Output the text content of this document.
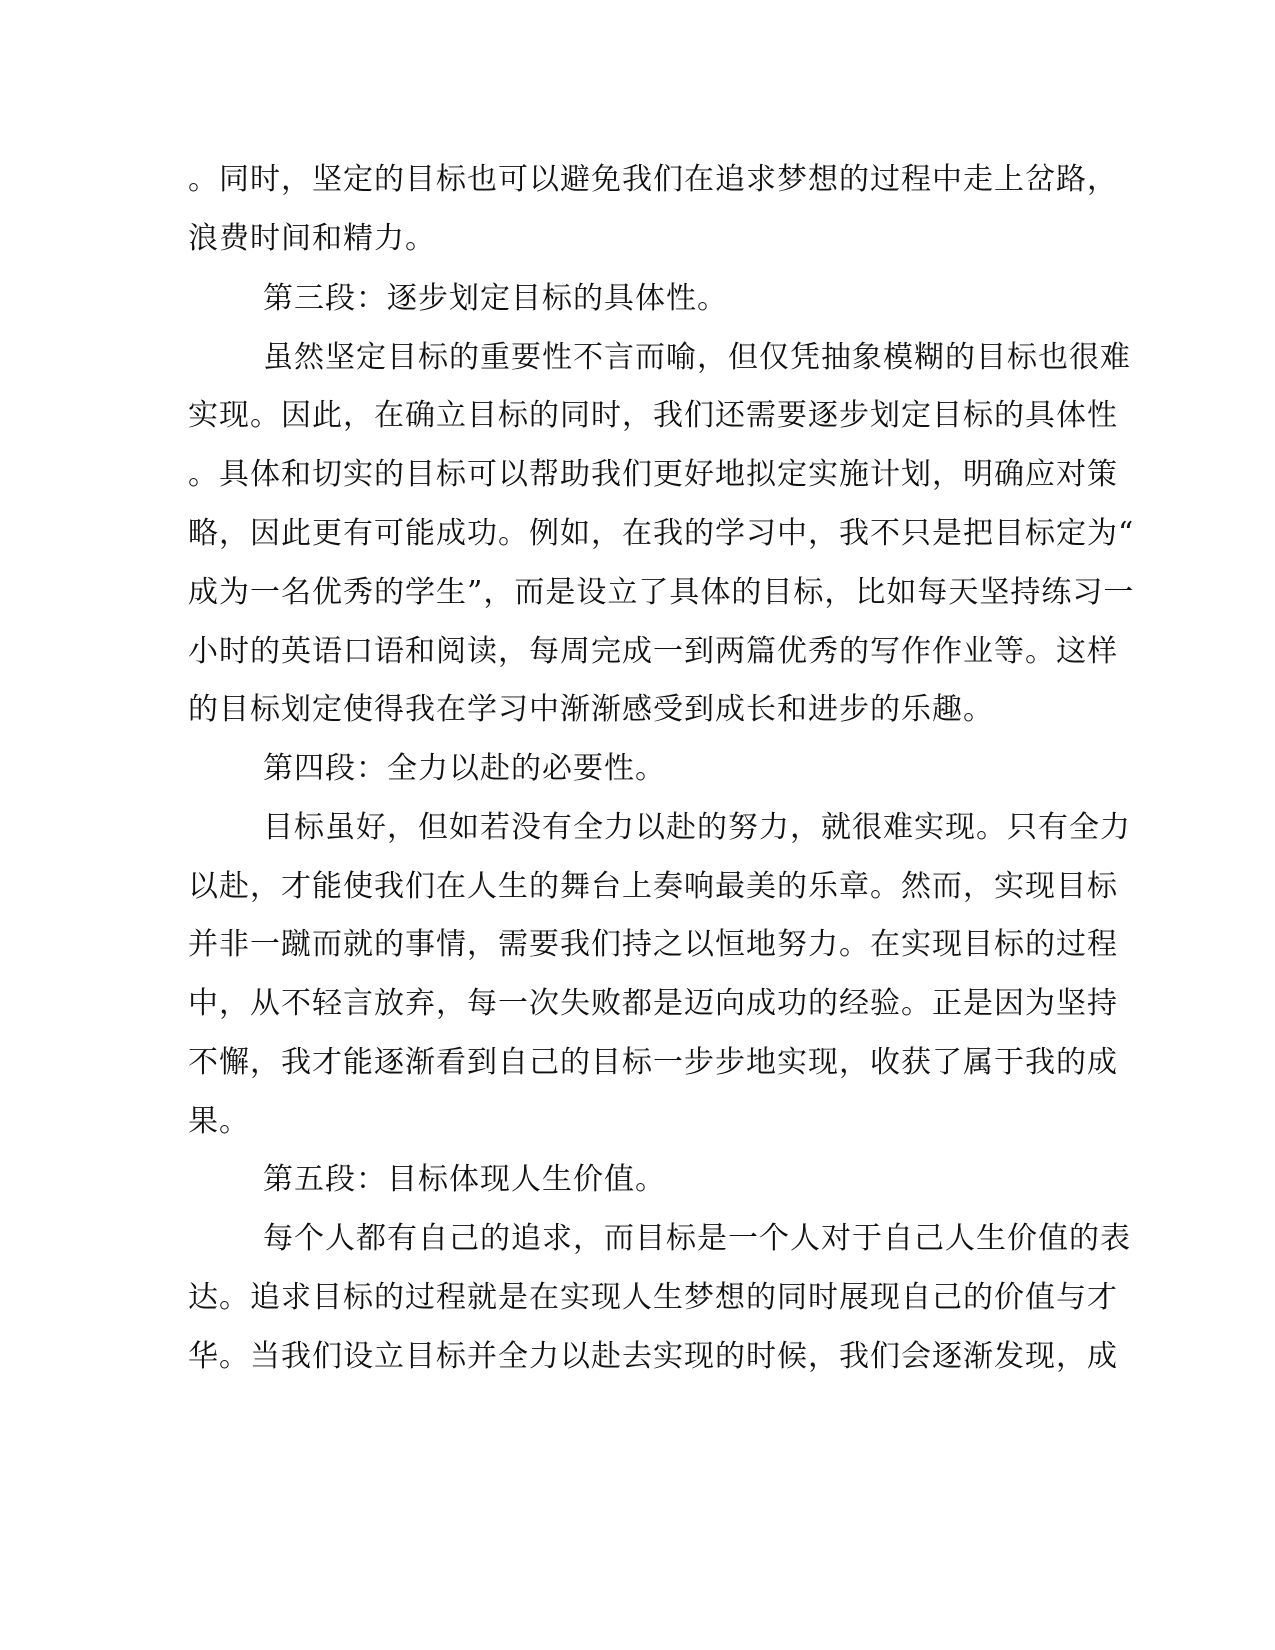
。同时，坚定的目标也可以避免我们在追求梦想的过程中走上岔路，

浪费时间和精力。

第三段：逐步划定目标的具体性。

虽然坚定目标的重要性不言而喻，但仅凭抽象模糊的目标也很难

实现。因此，在确立目标的同时，我们还需要逐步划定目标的具体性

。具体和切实的目标可以帮助我们更好地拟定实施计划，明确应对策

略，因此更有可能成功。例如，在我的学习中，我不只是把目标定为“

成为一名优秀的学生”，而是设立了具体的目标，比如每天坚持练习一

小时的英语口语和阅读，每周完成一到两篇优秀的写作作业等。这样

的目标划定使得我在学习中渐渐感受到成长和进步的乐趣。

第四段：全力以赴的必要性。

目标虽好，但如若没有全力以赴的努力，就很难实现。只有全力

以赴，才能使我们在人生的舞台上奏响最美的乐章。然而，实现目标

并非一蹴而就的事情，需要我们持之以恒地努力。在实现目标的过程

中，从不轻言放弃，每一次失败都是迈向成功的经验。正是因为坚持

不懈，我才能逐渐看到自己的目标一步步地实现，收获了属于我的成

果。

第五段：目标体现人生价值。

每个人都有自己的追求，而目标是一个人对于自己人生价值的表

达。追求目标的过程就是在实现人生梦想的同时展现自己的价值与才

华。当我们设立目标并全力以赴去实现的时候，我们会逐渐发现，成
